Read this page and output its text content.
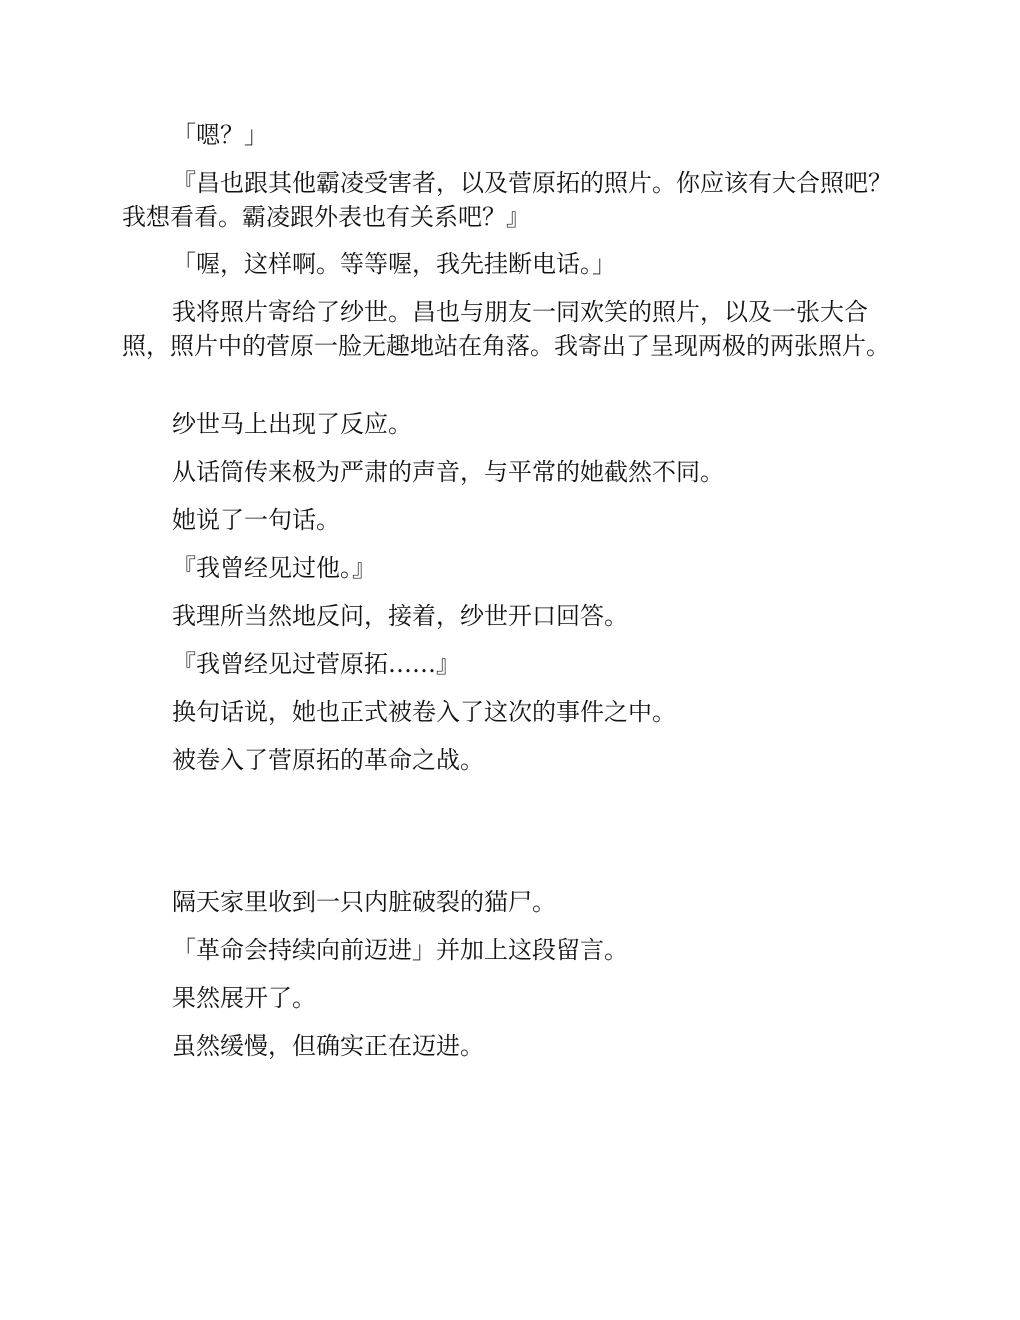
「嗯？」

『昌也跟其他霸凌受害者，以及菅原拓的照片。你应该有大合照吧？我想看看。霸凌跟外表也有关系吧？』

「喔，这样啊。等等喔，我先挂断电话。」

我将照片寄给了纱世。昌也与朋友一同欢笑的照片，以及一张大合照，照片中的菅原一脸无趣地站在角落。我寄出了呈现两极的两张照片。

纱世马上出现了反应。

从话筒传来极为严肃的声音，与平常的她截然不同。

她说了一句话。

『我曾经见过他。』

我理所当然地反问，接着，纱世开口回答。

『我曾经见过菅原拓……』

换句话说，她也正式被卷入了这次的事件之中。

被卷入了菅原拓的革命之战。

隔天家里收到一只内脏破裂的猫尸。

「革命会持续向前迈进」并加上这段留言。

果然展开了。

虽然缓慢，但确实正在迈进。
